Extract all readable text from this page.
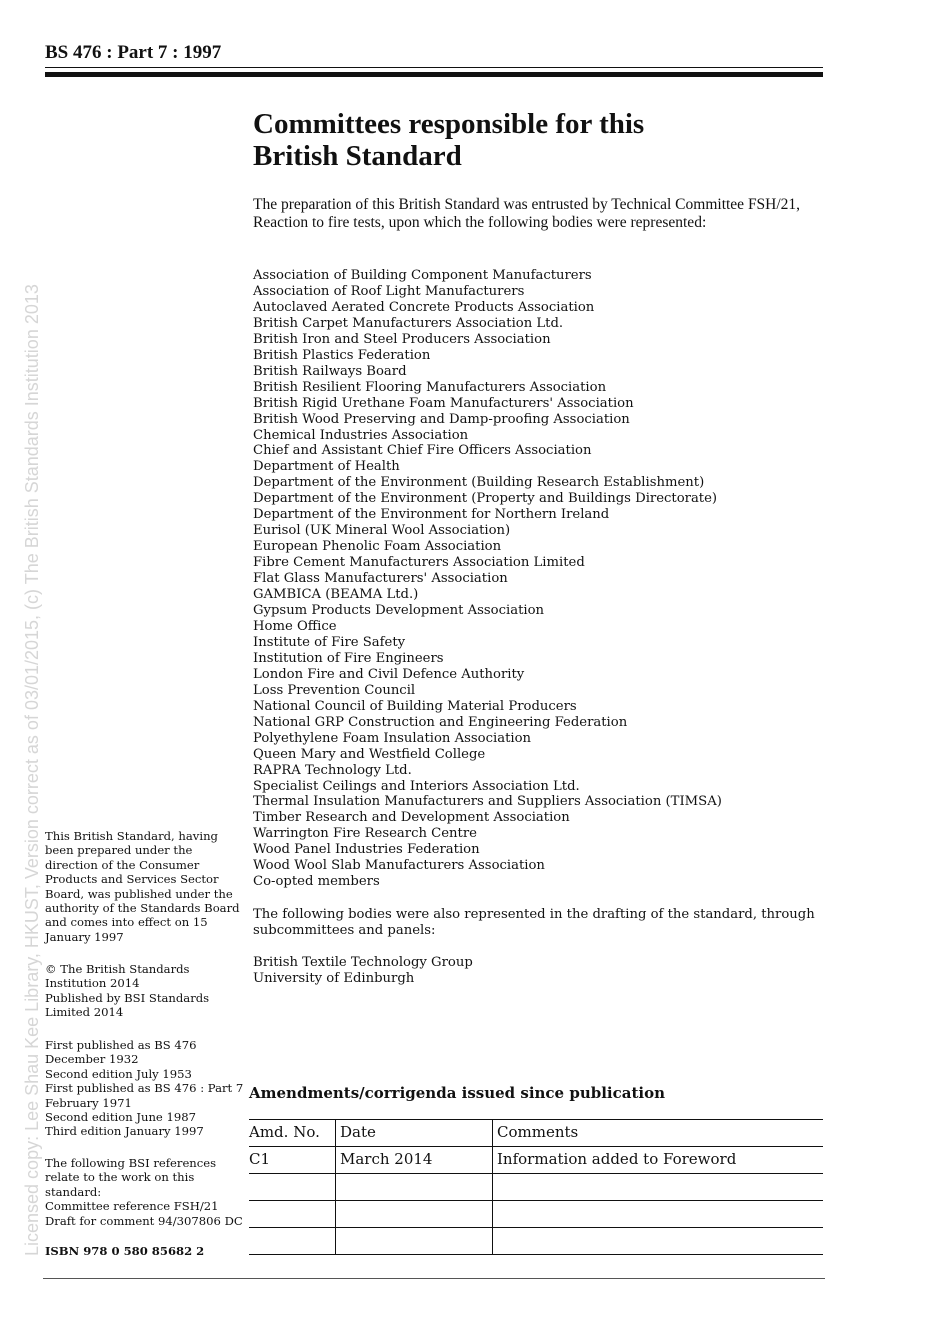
BS 476 : Part 7 : 1997
Licensed copy: Lee Shau Kee Library, HKUST, Version correct as of 03/01/2015, (c) The British Standards Institution 2013
Committees responsible for this
British Standard
The preparation of this British Standard was entrusted by Technical Committee FSH/21, Reaction to fire tests, upon which the following bodies were represented:
Association of Building Component Manufacturers
Association of Roof Light Manufacturers
Autoclaved Aerated Concrete Products Association
British Carpet Manufacturers Association Ltd.
British Iron and Steel Producers Association
British Plastics Federation
British Railways Board
British Resilient Flooring Manufacturers Association
British Rigid Urethane Foam Manufacturers' Association
British Wood Preserving and Damp-proofing Association
Chemical Industries Association
Chief and Assistant Chief Fire Officers Association
Department of Health
Department of the Environment (Building Research Establishment)
Department of the Environment (Property and Buildings Directorate)
Department of the Environment for Northern Ireland
Eurisol (UK Mineral Wool Association)
European Phenolic Foam Association
Fibre Cement Manufacturers Association Limited
Flat Glass Manufacturers' Association
GAMBICA (BEAMA Ltd.)
Gypsum Products Development Association
Home Office
Institute of Fire Safety
Institution of Fire Engineers
London Fire and Civil Defence Authority
Loss Prevention Council
National Council of Building Material Producers
National GRP Construction and Engineering Federation
Polyethylene Foam Insulation Association
Queen Mary and Westfield College
RAPRA Technology Ltd.
Specialist Ceilings and Interiors Association Ltd.
Thermal Insulation Manufacturers and Suppliers Association (TIMSA)
Timber Research and Development Association
Warrington Fire Research Centre
Wood Panel Industries Federation
Wood Wool Slab Manufacturers Association
Co-opted members
The following bodies were also represented in the drafting of the standard, through subcommittees and panels:
British Textile Technology Group
University of Edinburgh
This British Standard, having been prepared under the direction of the Consumer Products and Services Sector Board, was published under the authority of the Standards Board and comes into effect on 15 January 1997
© The British Standards
Institution 2014
Published by BSI Standards
Limited 2014
First published as BS 476
December 1932
Second edition July 1953
First published as BS 476 : Part 7
February 1971
Second edition June 1987
Third edition January 1997
The following BSI references
relate to the work on this
standard:
Committee reference FSH/21
Draft for comment 94/307806 DC
ISBN 978 0 580 85682 2
Amendments/corrigenda issued since publication
Amd. No.	Date	Comments
C1	March 2014	Information added to Foreword
